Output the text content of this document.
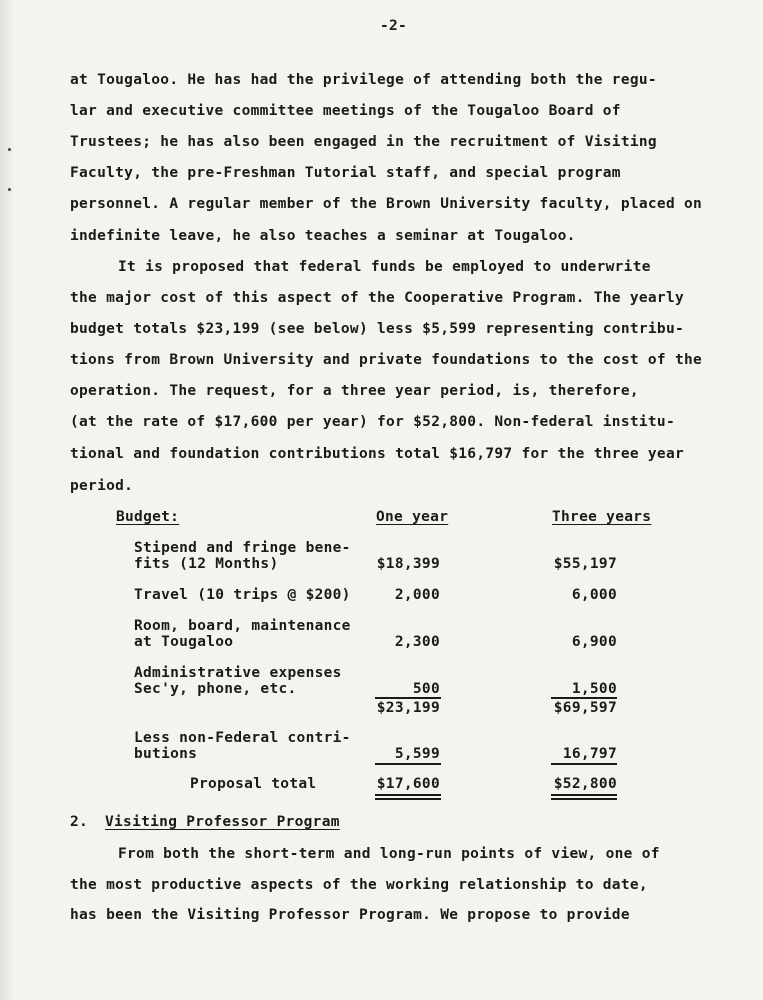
-2-
at Tougaloo. He has had the privilege of attending both the regu-
lar and executive committee meetings of the Tougaloo Board of
Trustees; he has also been engaged in the recruitment of Visiting
Faculty, the pre-Freshman Tutorial staff, and special program
personnel. A regular member of the Brown University faculty, placed on
indefinite leave, he also teaches a seminar at Tougaloo.
It is proposed that federal funds be employed to underwrite
the major cost of this aspect of the Cooperative Program. The yearly
budget totals $23,199 (see below) less $5,599 representing contribu-
tions from Brown University and private foundations to the cost of the
operation. The request, for a three year period, is, therefore,
(at the rate of $17,600 per year) for $52,800. Non-federal institu-
tional and foundation contributions total $16,797 for the three year
period.
Budget:	One year	Three years
Stipend and fringe bene-
fits (12 Months)	$18,399	$55,197
Travel (10 trips @ $200)	2,000	6,000
Room, board, maintenance
at Tougaloo	2,300	6,900
Administrative expenses
Sec'y, phone, etc.	500	1,500
$23,199	$69,597
Less non-Federal contri-
butions	5,599	16,797
Proposal total	$17,600	$52,800
2. Visiting Professor Program
From both the short-term and long-run points of view, one of
the most productive aspects of the working relationship to date,
has been the Visiting Professor Program. We propose to provide
